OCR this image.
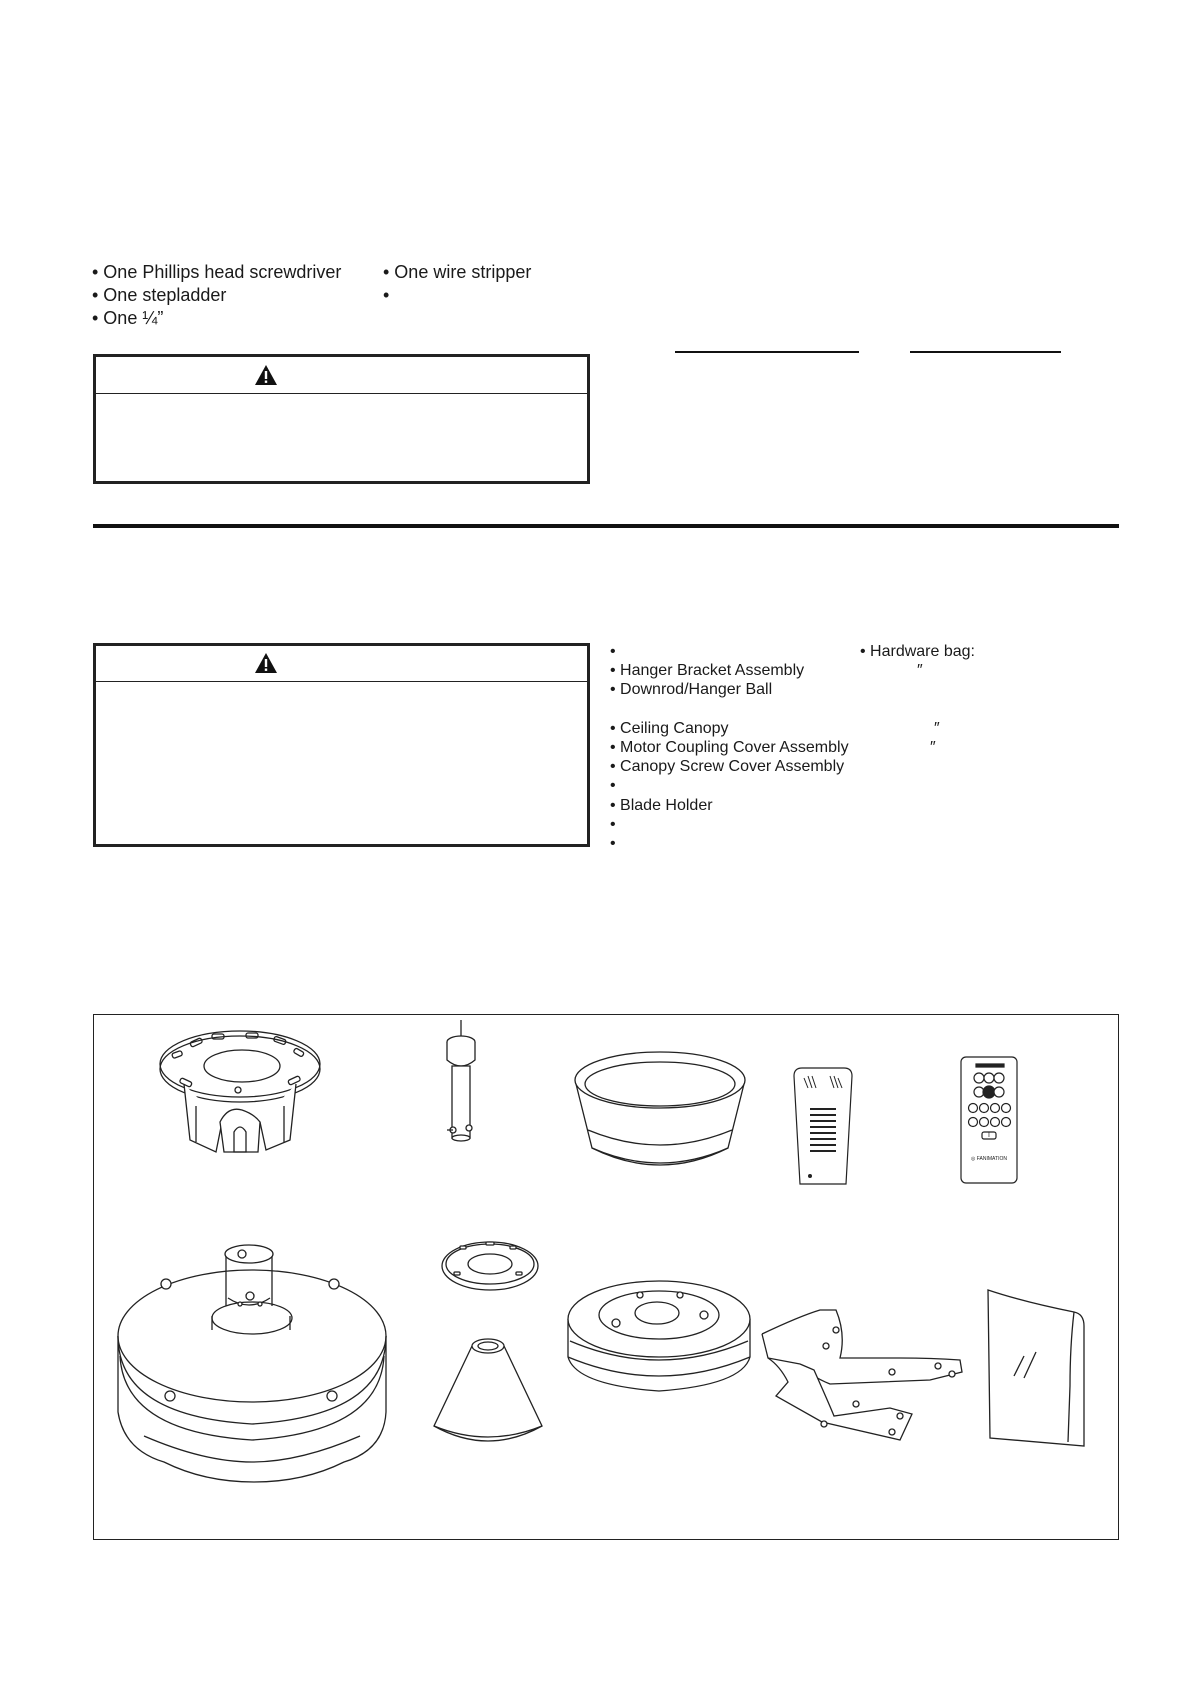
• One Phillips head screwdriver
• One stepladder
• One ¼”
• One wire stripper
•
•
• Hanger Bracket Assembly
• Downrod/Hanger Ball
• Ceiling Canopy
• Motor Coupling Cover Assembly
• Canopy Screw Cover Assembly
•
• Blade Holder
•
•
• Hardware bag:
″
″
″
I
◎ FANIMATION
